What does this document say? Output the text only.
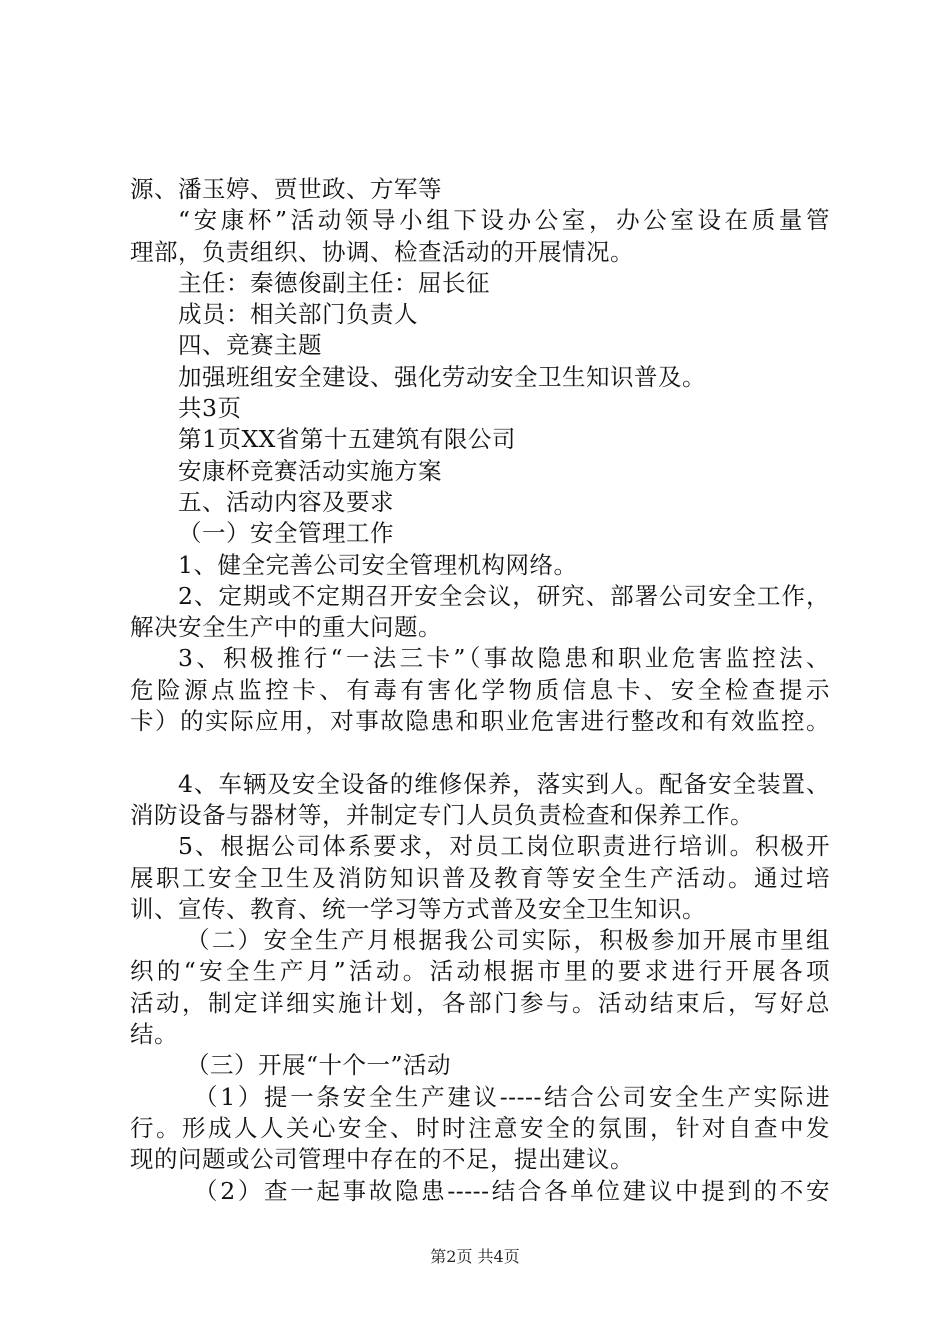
源、潘玉婷、贾世政、方军等
“安康杯”活动领导小组下设办公室，办公室设在质量管
理部，负责组织、协调、检查活动的开展情况。
主任：秦德俊副主任：屈长征
成员：相关部门负责人
四、竞赛主题
加强班组安全建设、强化劳动安全卫生知识普及。
共3页
第1页XX省第十五建筑有限公司
安康杯竞赛活动实施方案
五、活动内容及要求
（一）安全管理工作
1、健全完善公司安全管理机构网络。
2、定期或不定期召开安全会议，研究、部署公司安全工作，
解决安全生产中的重大问题。
3、积极推行“一法三卡”（事故隐患和职业危害监控法、
危险源点监控卡、有毒有害化学物质信息卡、安全检查提示
卡）的实际应用，对事故隐患和职业危害进行整改和有效监控。
4、车辆及安全设备的维修保养，落实到人。配备安全装置、
消防设备与器材等，并制定专门人员负责检查和保养工作。
5、根据公司体系要求，对员工岗位职责进行培训。积极开
展职工安全卫生及消防知识普及教育等安全生产活动。通过培
训、宣传、教育、统一学习等方式普及安全卫生知识。
（二）安全生产月根据我公司实际，积极参加开展市里组
织的“安全生产月”活动。活动根据市里的要求进行开展各项
活动，制定详细实施计划，各部门参与。活动结束后，写好总
结。
（三）开展“十个一”活动
（1）提一条安全生产建议-----结合公司安全生产实际进
行。形成人人关心安全、时时注意安全的氛围，针对自查中发
现的问题或公司管理中存在的不足，提出建议。
（2）查一起事故隐患-----结合各单位建议中提到的不安
第2页 共4页
